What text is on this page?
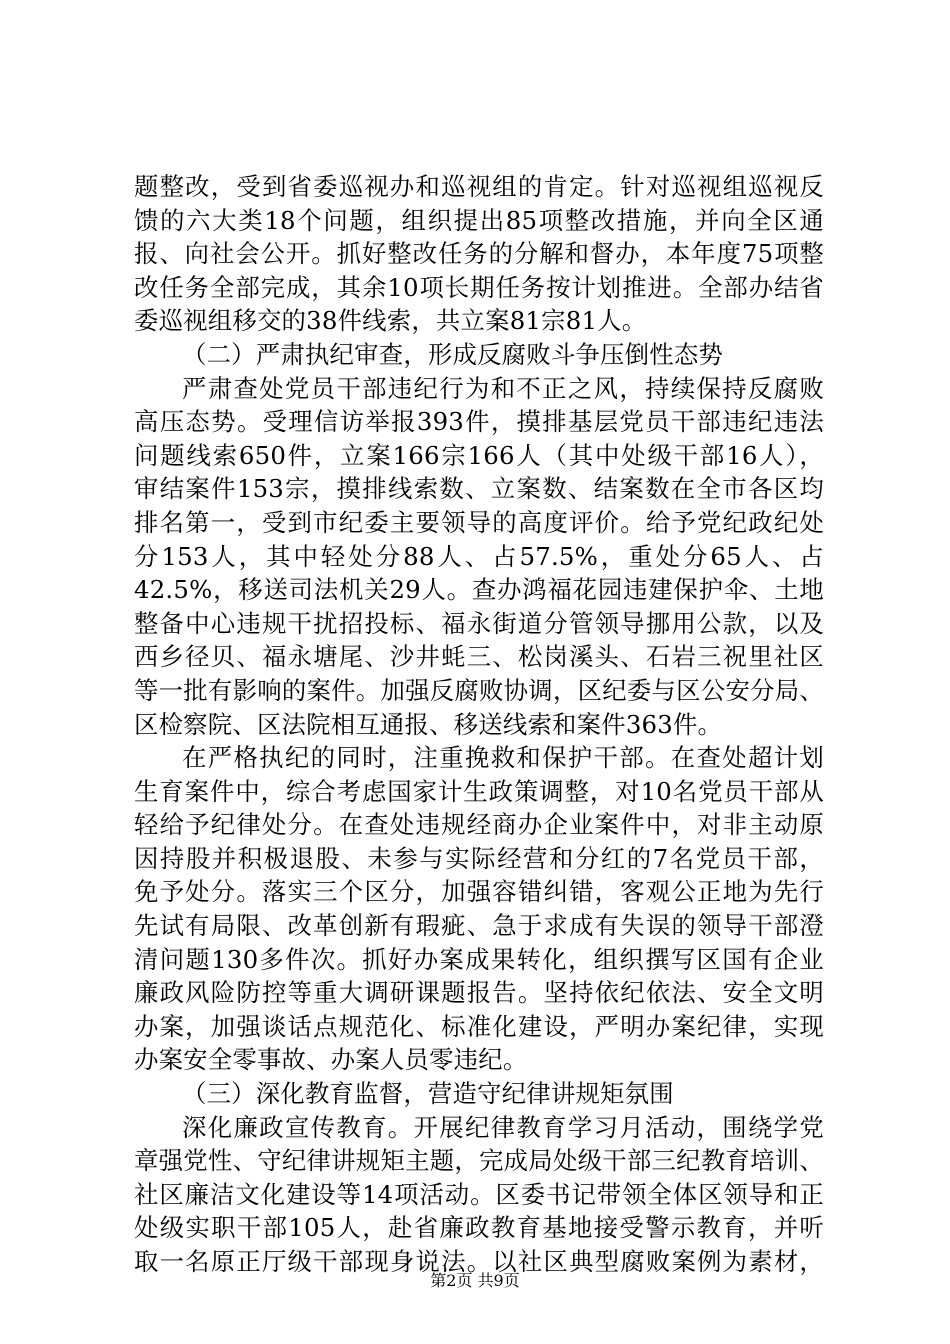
题整改，受到省委巡视办和巡视组的肯定。针对巡视组巡视反
馈的六大类18个问题，组织提出85项整改措施，并向全区通
报、向社会公开。抓好整改任务的分解和督办，本年度75项整
改任务全部完成，其余10项长期任务按计划推进。全部办结省
委巡视组移交的38件线索，共立案81宗81人。
（二）严肃执纪审查，形成反腐败斗争压倒性态势
严肃查处党员干部违纪行为和不正之风，持续保持反腐败
高压态势。受理信访举报393件，摸排基层党员干部违纪违法
问题线索650件，立案166宗166人（其中处级干部16人），
审结案件153宗，摸排线索数、立案数、结案数在全市各区均
排名第一，受到市纪委主要领导的高度评价。给予党纪政纪处
分153人，其中轻处分88人、占57.5%，重处分65人、占
42.5%，移送司法机关29人。查办鸿福花园违建保护伞、土地
整备中心违规干扰招投标、福永街道分管领导挪用公款，以及
西乡径贝、福永塘尾、沙井蚝三、松岗溪头、石岩三祝里社区
等一批有影响的案件。加强反腐败协调，区纪委与区公安分局、
区检察院、区法院相互通报、移送线索和案件363件。
在严格执纪的同时，注重挽救和保护干部。在查处超计划
生育案件中，综合考虑国家计生政策调整，对10名党员干部从
轻给予纪律处分。在查处违规经商办企业案件中，对非主动原
因持股并积极退股、未参与实际经营和分红的7名党员干部，
免予处分。落实三个区分，加强容错纠错，客观公正地为先行
先试有局限、改革创新有瑕疵、急于求成有失误的领导干部澄
清问题130多件次。抓好办案成果转化，组织撰写区国有企业
廉政风险防控等重大调研课题报告。坚持依纪依法、安全文明
办案，加强谈话点规范化、标准化建设，严明办案纪律，实现
办案安全零事故、办案人员零违纪。
（三）深化教育监督，营造守纪律讲规矩氛围
深化廉政宣传教育。开展纪律教育学习月活动，围绕学党
章强党性、守纪律讲规矩主题，完成局处级干部三纪教育培训、
社区廉洁文化建设等14项活动。区委书记带领全体区领导和正
处级实职干部105人，赴省廉政教育基地接受警示教育，并听
取一名原正厅级干部现身说法。以社区典型腐败案例为素材，
第2页 共9页
